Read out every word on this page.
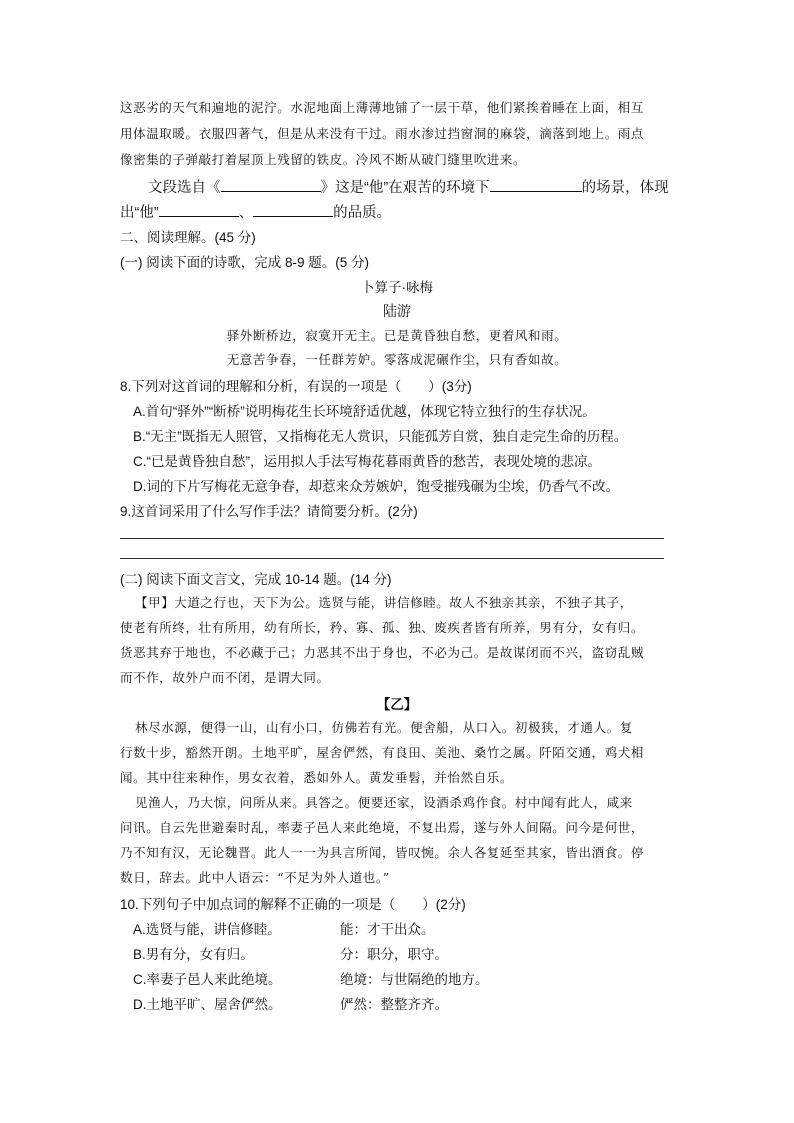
这恶劣的天气和遍地的泥泞。水泥地面上薄薄地铺了一层干草，他们紧挨着睡在上面，相互
用体温取暖。衣服四著气，但是从来没有干过。雨水渗过挡窗洞的麻袋，滴落到地上。雨点
像密集的子弹敲打着屋顶上残留的铁皮。冷风不断从破门缝里吹进来。
文段选自《	》这是“他”在艰苦的环境下	的场景，体现
出“他”	、	的品质。
二、阅读理解。(45 分)
(一) 阅读下面的诗歌，完成 8-9 题。(5 分)
卜算子·咏梅
陆游
驿外断桥边，寂寞开无主。已是黄昏独自愁，更着风和雨。
无意苦争春，一任群芳妒。零落成泥碾作尘，只有香如故。
8.下列对这首词的理解和分析，有误的一项是（　　）(3分)
A.首句“驿外”“断桥”说明梅花生长环境舒适优越，体现它特立独行的生存状况。
B.“无主”既指无人照管，又指梅花无人赏识，只能孤芳自赏，独自走完生命的历程。
C.“已是黄昏独自愁”，运用拟人手法写梅花暮雨黄昏的愁苦，表现处境的悲凉。
D.词的下片写梅花无意争春，却惹来众芳嫉妒，饱受摧残碾为尘埃，仍香气不改。
9.这首词采用了什么写作手法？请简要分析。(2分)
(二) 阅读下面文言文，完成 10-14 题。(14 分)
【甲】大道之行也，天下为公。选贤与能，讲信修睦。故人不独亲其亲，不独子其子，
使老有所终，壮有所用，幼有所长，矜、寡、孤、独、废疾者皆有所养，男有分，女有归。
货恶其弃于地也，不必藏于己；力恶其不出于身也，不必为己。是故谋闭而不兴，盗窃乱贼
而不作，故外户而不闭，是谓大同。
【乙】
林尽水源，便得一山，山有小口，仿佛若有光。便舍船，从口入。初极狭，才通人。复
行数十步，豁然开朗。土地平旷，屋舍俨然，有良田、美池、桑竹之属。阡陌交通，鸡犬相
闻。其中往来种作，男女衣着，悉如外人。黄发垂髫，并怡然自乐。
见渔人，乃大惊，问所从来。具答之。便要还家，设酒杀鸡作食。村中闻有此人，咸来
问讯。自云先世避秦时乱，率妻子邑人来此绝境，不复出焉，遂与外人间隔。问今是何世，
乃不知有汉，无论魏晋。此人一一为具言所闻，皆叹惋。余人各复延至其家，皆出酒食。停
数日，辞去。此中人语云：“不足为外人道也。”
10.下列句子中加点词的解释不正确的一项是（　　）(2分)
A.选贤与能，讲信修睦。	能：才干出众。
B.男有分，女有归。	分：职分，职守。
C.率妻子邑人来此绝境。	绝境：与世隔绝的地方。
D.土地平旷、屋舍俨然。	俨然：整整齐齐。
